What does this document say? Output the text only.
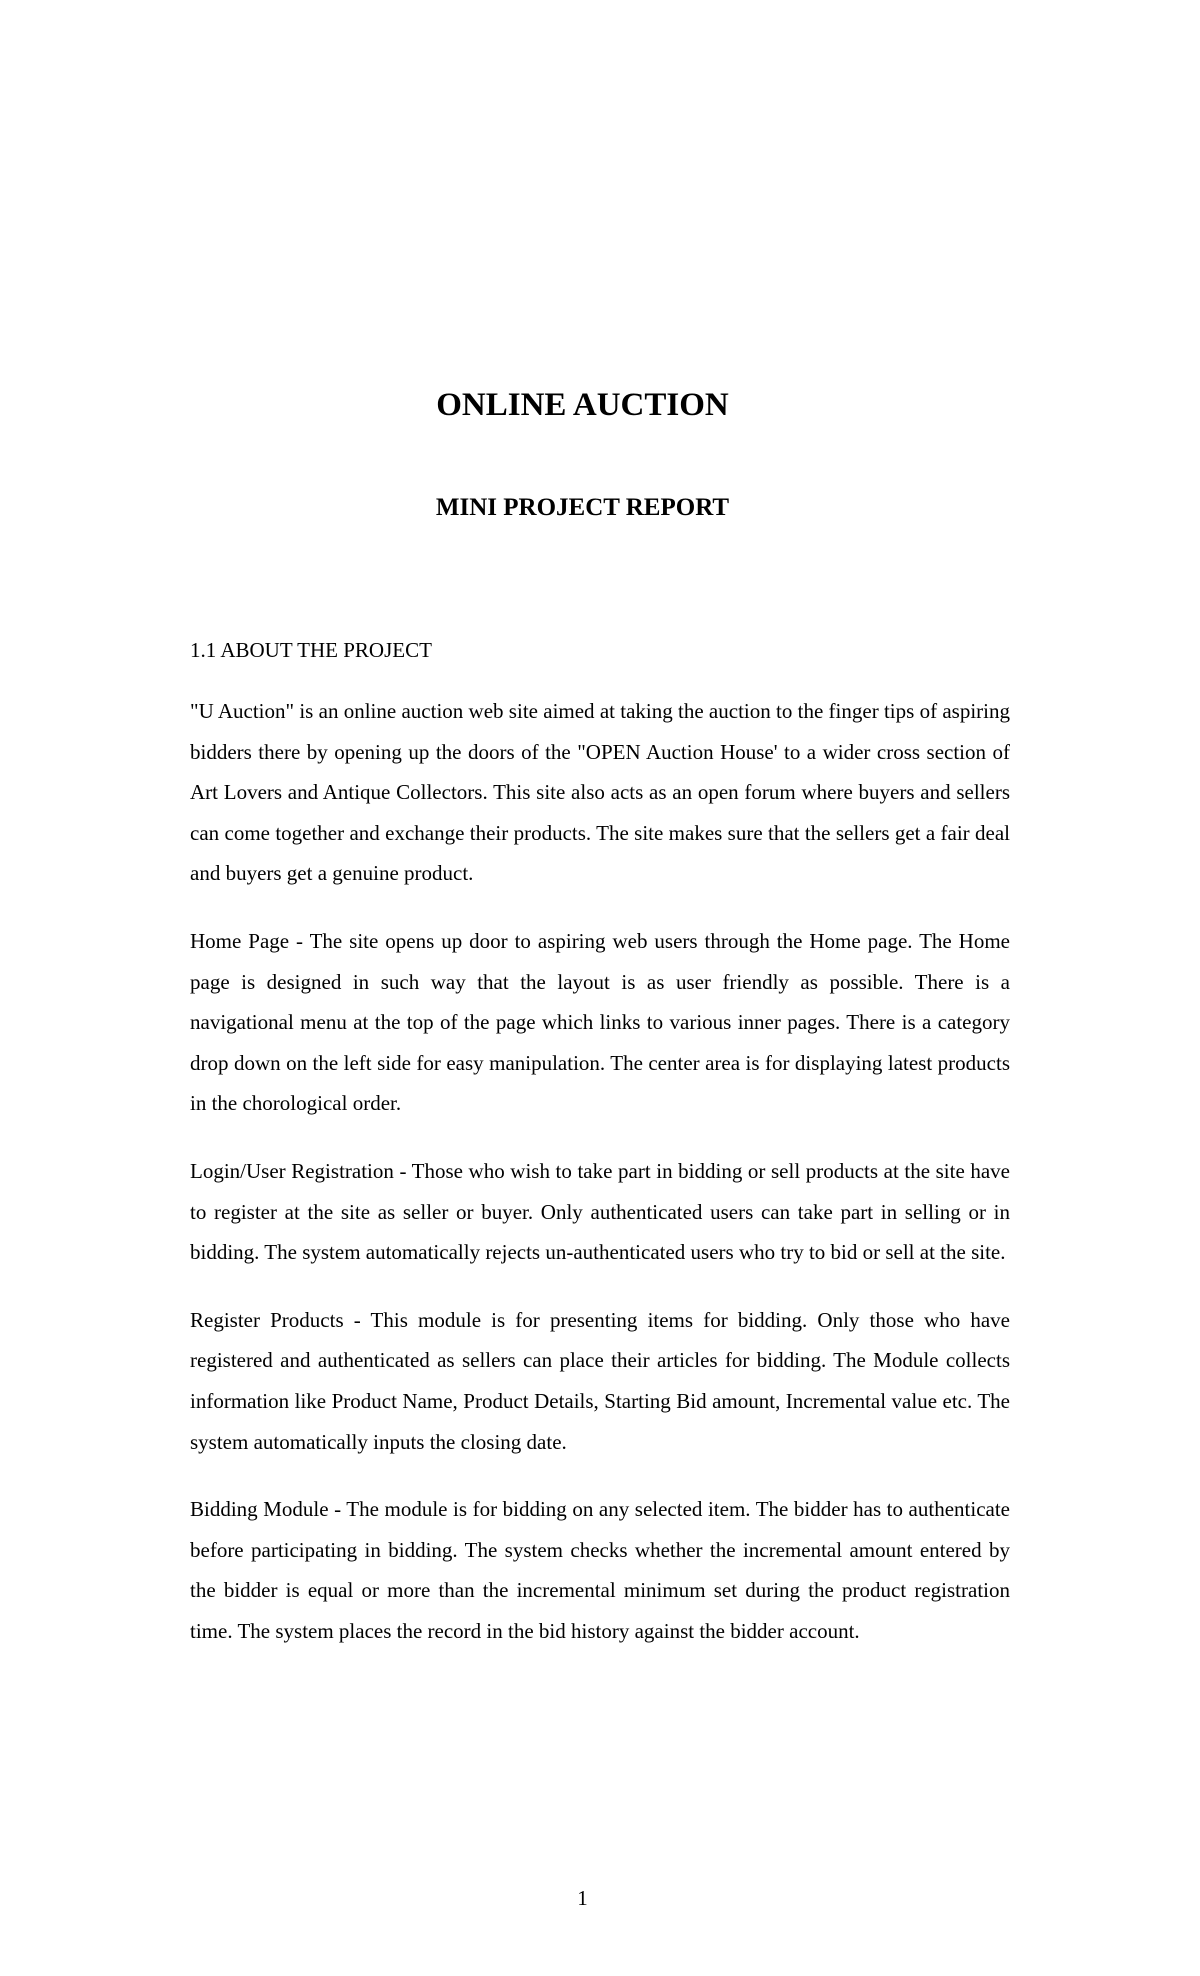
ONLINE AUCTION
MINI PROJECT REPORT

1.1 ABOUT THE PROJECT

"U Auction" is an online auction web site aimed at taking the auction to the finger tips of aspiring bidders there by opening up the doors of the "OPEN Auction House' to a wider cross section of Art Lovers and Antique Collectors. This site also acts as an open forum where buyers and sellers can come together and exchange their products. The site makes sure that the sellers get a fair deal and buyers get a genuine product.

Home Page - The site opens up door to aspiring web users through the Home page. The Home page is designed in such way that the layout is as user friendly as possible. There is a navigational menu at the top of the page which links to various inner pages. There is a category drop down on the left side for easy manipulation. The center area is for displaying latest products in the chorological order.

Login/User Registration - Those who wish to take part in bidding or sell products at the site have to register at the site as seller or buyer. Only authenticated users can take part in selling or in bidding. The system automatically rejects un-authenticated users who try to bid or sell at the site.

Register Products - This module is for presenting items for bidding. Only those who have registered and authenticated as sellers can place their articles for bidding. The Module collects information like Product Name, Product Details, Starting Bid amount, Incremental value etc. The system automatically inputs the closing date.

Bidding Module - The module is for bidding on any selected item. The bidder has to authenticate before participating in bidding. The system checks whether the incremental amount entered by the bidder is equal or more than the incremental minimum set during the product registration time. The system places the record in the bid history against the bidder account.

1
